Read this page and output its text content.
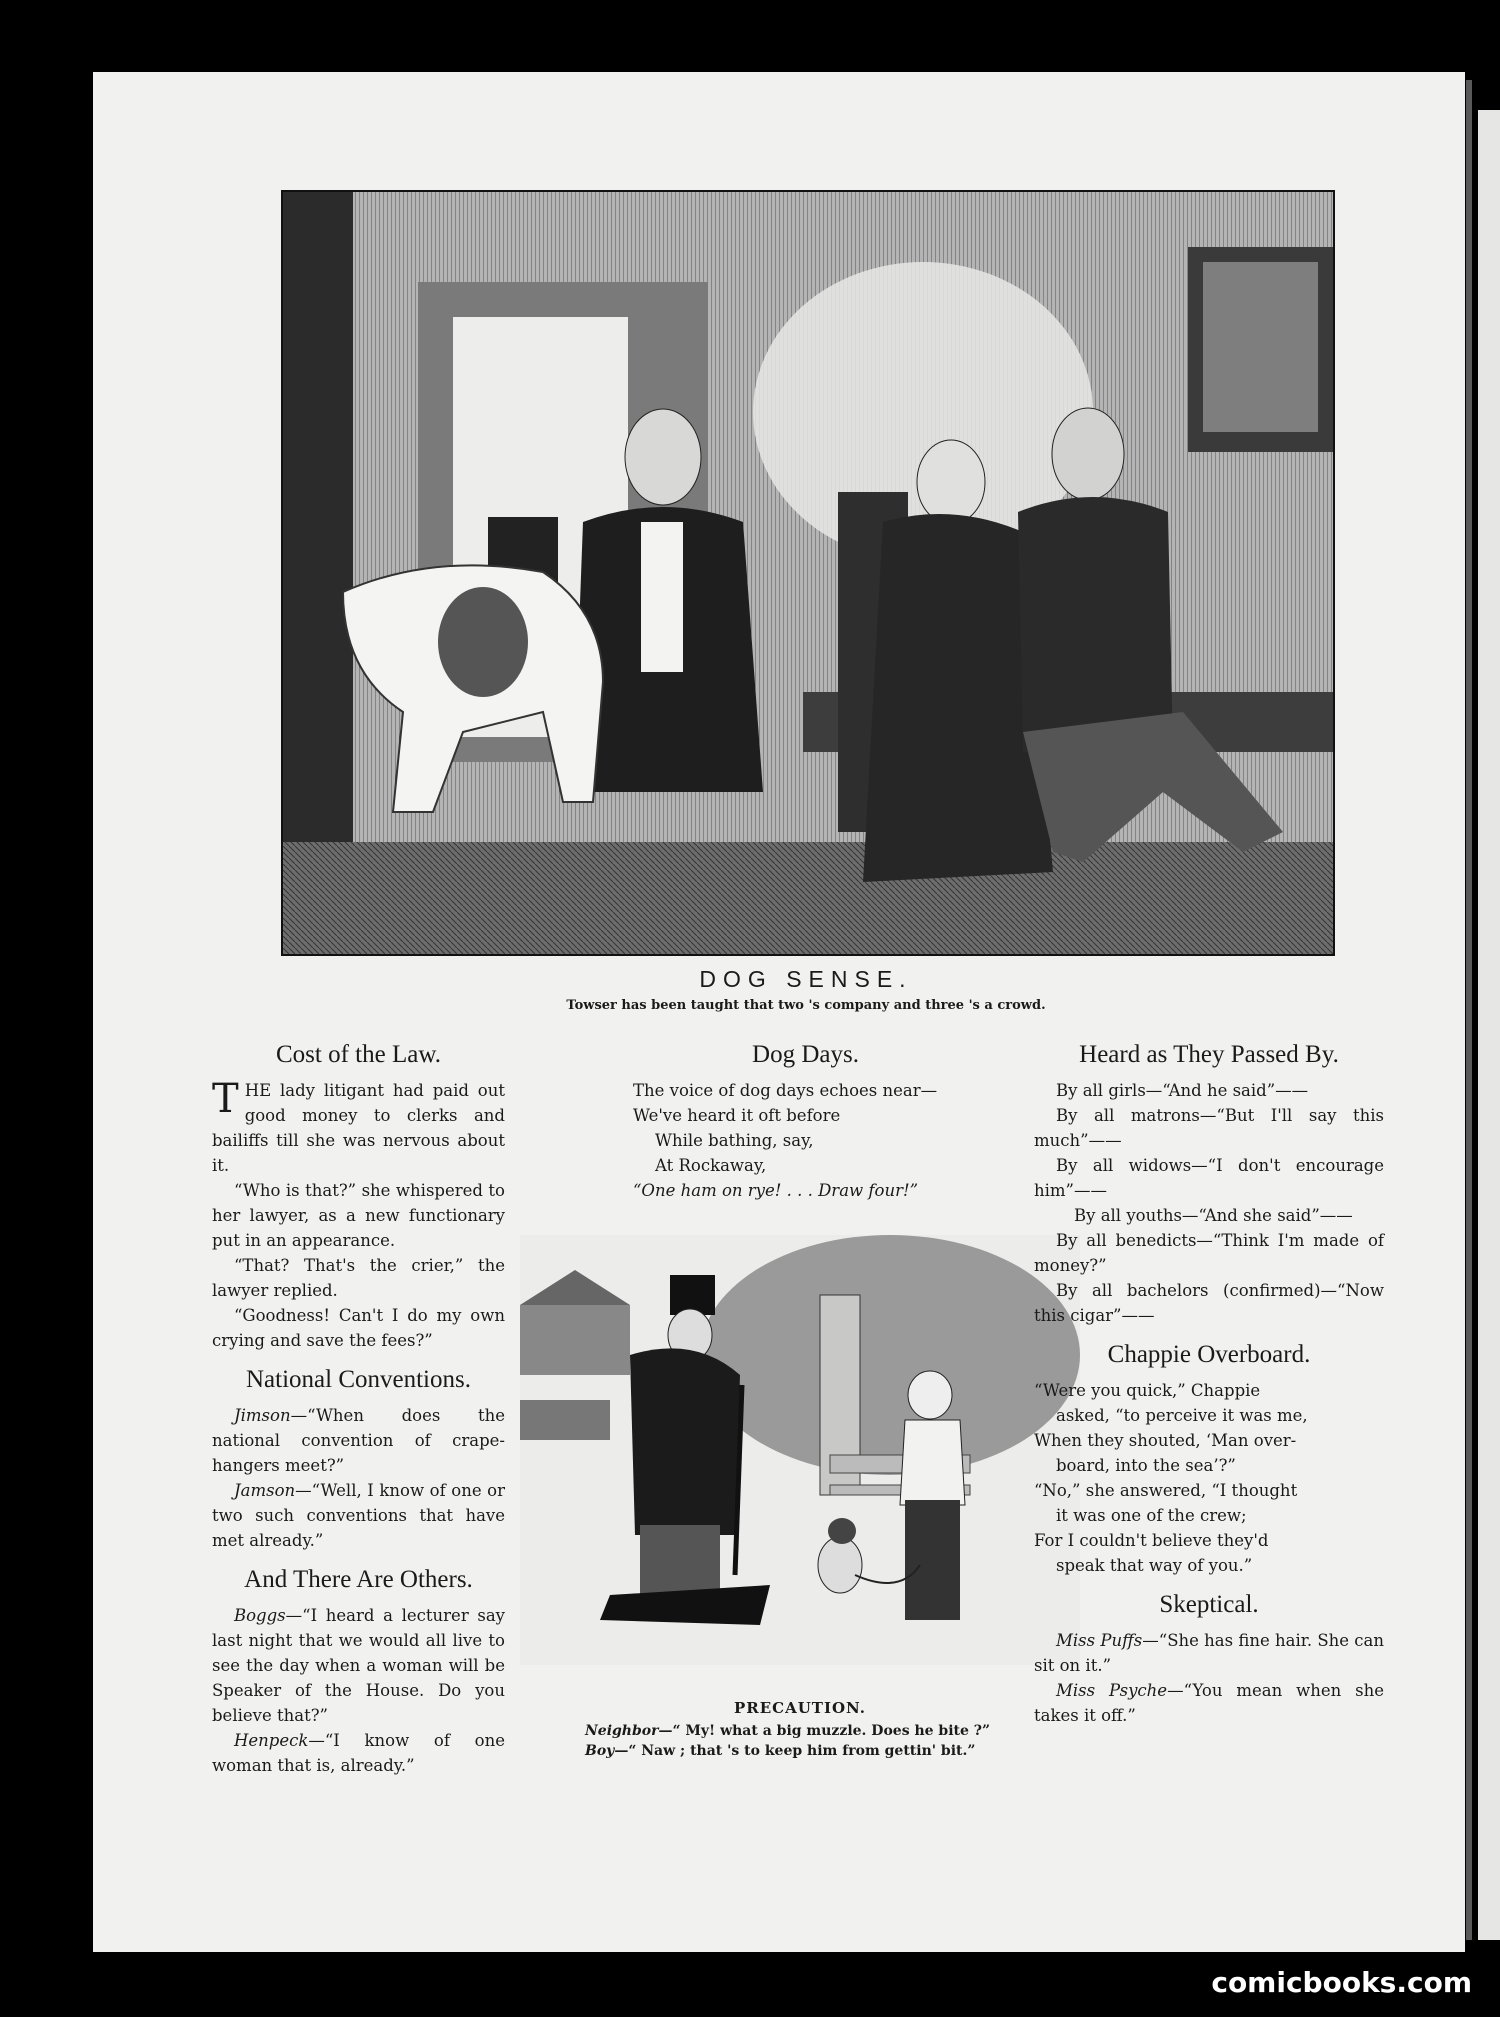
DOG SENSE.
Towser has been taught that two 's company and three 's a crowd.
Cost of the Law.

THE lady litigant had paid out good money to clerks and bailiffs till she was nervous about it.

“Who is that?” she whispered to her lawyer, as a new functionary put in an appearance.

“That? That's the crier,” the lawyer replied.

“Goodness! Can't I do my own crying and save the fees?”

National Conventions.

Jimson—“When does the national convention of crape-hangers meet?”

Jamson—“Well, I know of one or two such conventions that have met already.”

And There Are Others.

Boggs—“I heard a lecturer say last night that we would all live to see the day when a woman will be Speaker of the House. Do you believe that?”

Henpeck—“I know of one woman that is, already.”

Dog Days.

The voice of dog days echoes near—

We've heard it oft before

While bathing, say,

At Rockaway,

“One ham on rye! . . . Draw four!”

PRECAUTION.
Neighbor—“ My! what a big muzzle. Does he bite ?”
Boy—“ Naw ; that 's to keep him from gettin' bit.”
Heard as They Passed By.

By all girls—“And he said”——

By all matrons—“But I'll say this much”——

By all widows—“I don't encourage him”——

By all youths—“And she said”——

By all benedicts—“Think I'm made of money?”

By all bachelors (confirmed)—“Now this cigar”——

Chappie Overboard.

“Were you quick,” Chappie

asked, “to perceive it was me,

When they shouted, ‘Man over-

board, into the sea’?”

“No,” she answered, “I thought

it was one of the crew;

For I couldn't believe they'd

speak that way of you.”

Skeptical.

Miss Puffs—“She has fine hair. She can sit on it.”

Miss Psyche—“You mean when she takes it off.”

comicbooks.com
